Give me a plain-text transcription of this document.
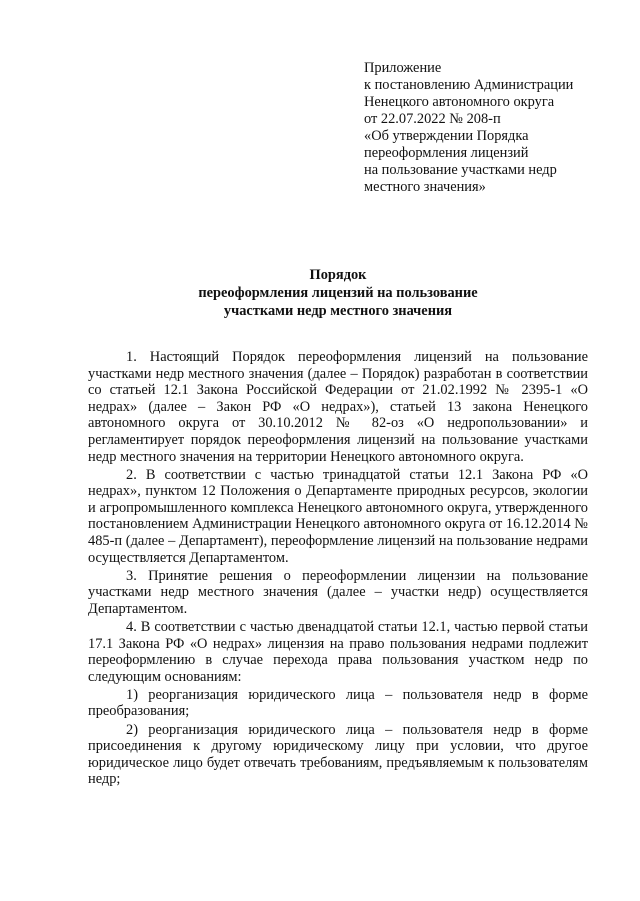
Приложение
к постановлению Администрации
Ненецкого автономного округа
от 22.07.2022 № 208-п
«Об утверждении Порядка
переоформления лицензий
на пользование участками недр
местного значения»
Порядок
переоформления лицензий на пользование
участками недр местного значения

1. Настоящий Порядок переоформления лицензий на пользование участками недр местного значения (далее – Порядок) разработан в соответствии со статьей 12.1 Закона Российской Федерации от 21.02.1992 № 2395-1 «О недрах» (далее – Закон РФ «О недрах»), статьей 13 закона Ненецкого автономного округа от 30.10.2012 № 82-оз «О недропользовании» и регламентирует порядок переоформления лицензий на пользование участками недр местного значения на территории Ненецкого автономного округа.

2. В соответствии с частью тринадцатой статьи 12.1 Закона РФ «О недрах», пунктом 12 Положения о Департаменте природных ресурсов, экологии и агропромышленного комплекса Ненецкого автономного округа, утвержденного постановлением Администрации Ненецкого автономного округа от 16.12.2014 № 485-п (далее – Департамент), переоформление лицензий на пользование недрами осуществляется Департаментом.

3. Принятие решения о переоформлении лицензии на пользование участками недр местного значения (далее – участки недр) осуществляется Департаментом.

4. В соответствии с частью двенадцатой статьи 12.1, частью первой статьи 17.1 Закона РФ «О недрах» лицензия на право пользования недрами подлежит переоформлению в случае перехода права пользования участком недр по следующим основаниям:

1) реорганизация юридического лица – пользователя недр в форме преобразования;

2) реорганизация юридического лица – пользователя недр в форме присоединения к другому юридическому лицу при условии, что другое юридическое лицо будет отвечать требованиям, предъявляемым к пользователям недр;
